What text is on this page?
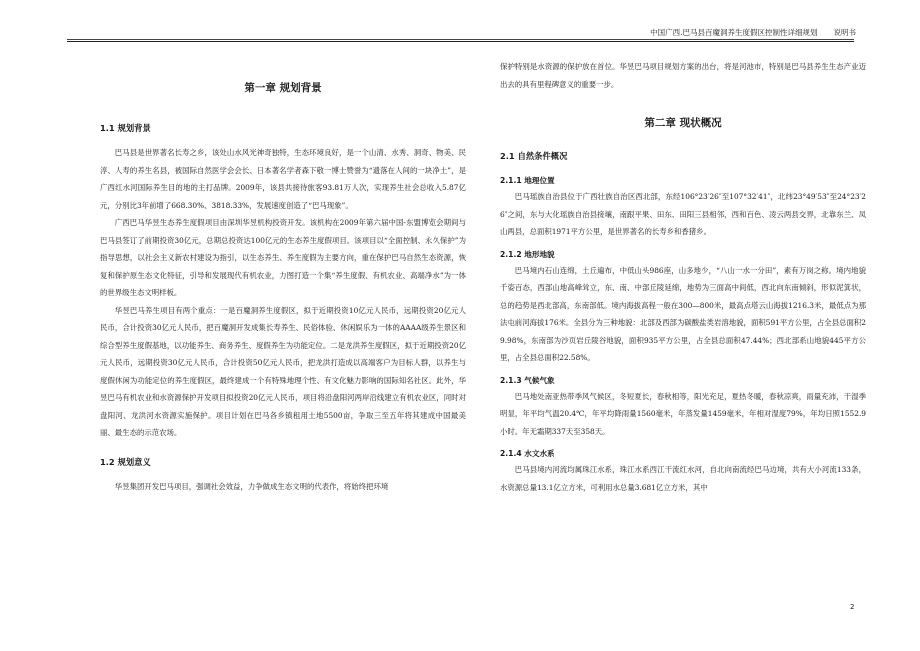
中国广西.巴马县百魔洞养生度假区控制性详细规划 说明书
第一章 规划背景
1.1 规划背景

巴马县是世界著名长寿之乡，该处山水风光神奇独特，生态环境良好，是一个山清、水秀、洞奇、物美、民淳、人寿的养生名县，被国际自然医学会会长、日本著名学者森下敬一博士赞誉为“遗落在人间的一块净土”，是广西红水河国际养生目的地的主打品牌。2009年，该县共接待旅客93.81万人次，实现养生社会总收入5.87亿元，分别比3年前增了668.30%、3818.33%，发展速度创造了“巴马现象”。

广西巴马华昱生态养生度假项目由深圳华昱机构投资开发。该机构在2009年第六届中国-东盟博览会期间与巴马县签订了前期投资30亿元，总期总投资达100亿元的生态养生度假项目。该项目以“全面控制、永久保护”为指导思想，以社会主义新农村建设为指引，以生态养生、养生度假为主要方向，重在保护巴马自然生态资源，恢复和保护原生态文化特征，引导和发展现代有机农业，力图打造一个集“养生度假、有机农业、高端净水”为一体的世界级生态文明样板。

华昱巴马养生项目有两个重点：一是百魔洞养生度假区，拟于近期投资10亿元人民币，远期投资20亿元人民币，合计投资30亿元人民币，把百魔洞开发成集长寿养生、民俗体验、休闲娱乐为一体的AAAA级养生景区和综合型养生度假基地，以功能养生、商务养生、度假养生为功能定位。二是龙洪养生度假区，拟于近期投资20亿元人民币，远期投资30亿元人民币，合计投资50亿元人民币，把龙洪打造成以高端客户为目标人群，以养生与度假休闲为功能定位的养生度假区，最终建成一个有特殊地理个性、有文化魅力影响的国际知名社区。此外，华昱巴马有机农业和水资源保护开发项目拟投资20亿元人民币，项目将沿盘阳河两岸沿线建立有机农业区，同时对盘阳河、龙洪河水资源实施保护。项目计划在巴马各乡镇租用土地5500亩，争取三至五年将其建成中国最美丽、最生态的示范农场。

1.2 规划意义

华昱集团开发巴马项目，强调社会效益，力争做成生态文明的代表作，将始终把环境

保护特别是水资源的保护放在首位。华昱巴马项目规划方案的出台，将是河池市，特别是巴马县养生生态产业迈出去的具有里程碑意义的重要一步。

第二章 现状概况
2.1 自然条件概况
2.1.1 地理位置

巴马瑶族自治县位于广西壮族自治区西北部，东经106°23′26″至107°32′41″，北纬23°49′53″至24°23′26″之间，东与大化瑶族自治县接壤，南跟平果、田东、田阳三县相邻，西和百色、凌云两县交界，北靠东兰、凤山两县，总面积1971平方公里，是世界著名的长寿乡和香猪乡。

2.1.2 地形地貌

巴马境内石山连绵，土丘遍布，中低山头986座，山多地少，“八山一水一分田”，素有万岗之称。境内地貌千姿百态，西部山地高峰耸立，东、南、中部丘陵延绵，地势为三面高中间低，西北向东南倾斜，形似泥箕状，总的趋势是西北部高，东南部低。境内海拔高程一般在300—800米，最高点塔云山海拔1216.3米，最低点为那法屯前河海拔176米。全县分为三种地貌：北部及西部为碳酸盐类岩溶地貌，面积591平方公里，占全县总面积29.98%，东南部为沙页岩丘陵谷地貌，面积935平方公里，占全县总面积47.44%；西北部系山地貌445平方公里，占全县总面积22.58%。

2.1.3 气候气象

巴马地处南亚热带季风气候区，冬短夏长，春秋相等，阳光充足，夏热冬暖，春秋凉爽，雨量充沛，干湿季明显，年平均气温20.4℃，年平均降雨量1560毫米，年蒸发量1459毫米，年相对湿度79%，年均日照1552.9小时。年无霜期337天至358天。

2.1.4 水文水系

巴马县境内河流均属珠江水系，珠江水系西江干流红水河，自北向南流经巴马边境，共有大小河流133条，水资源总量13.1亿立方米，可利用水总量3.681亿立方米，其中

2
